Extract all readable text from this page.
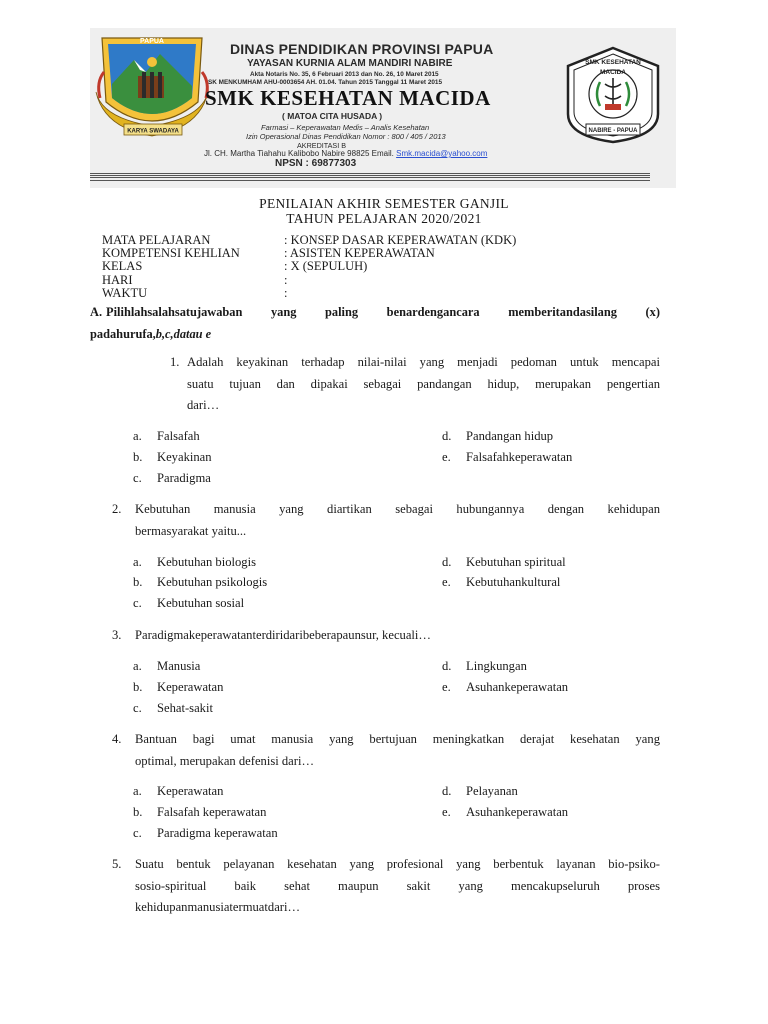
PAPUA
KARYA SWADAYA
DINAS PENDIDIKAN PROVINSI PAPUA
YAYASAN KURNIA ALAM MANDIRI NABIRE
Akta Notaris No. 35, 6 Februari 2013 dan No. 26, 10 Maret 2015
SK MENKUMHAM AHU-0003654 AH. 01.04. Tahun 2015 Tanggal 11 Maret 2015
SMK KESEHATAN MACIDA
( MATOA CITA HUSADA )
Farmasi – Keperawatan Medis – Analis Kesehatan
Izin Operasional Dinas Pendidikan Nomor : 800 / 405 / 2013
AKREDITASI B
Jl. CH. Martha Tiahahu Kalibobo Nabire 98825 Email. Smk.macida@yahoo.com
NPSN : 69877303
SMK KESEHATAN
MACIDA
NABIRE - PAPUA
PENILAIAN AKHIR SEMESTER GANJIL
TAHUN PELAJARAN 2020/2021
MATA PELAJARAN	: KONSEP DASAR KEPERAWATAN (KDK)
KOMPETENSI KEHLIAN	: ASISTEN KEPERAWATAN
KELAS	: X (SEPULUH)
HARI	:
WAKTU	:
A. Pilihlahsalahsatujawaban yang paling benardengancara memberitandasilang (x)
padahurufa,b,c,datau e
1. Adalah keyakinan terhadap nilai-nilai yang menjadi pedoman untuk mencapai
suatu tujuan dan dipakai sebagai pandangan hidup, merupakan pengertian
dari…
a. Falsafah
b. Keyakinan
c. Paradigma
d. Pandangan hidup
e. Falsafahkeperawatan
2. Kebutuhan manusia yang diartikan sebagai hubungannya dengan kehidupan
bermasyarakat yaitu...
a. Kebutuhan biologis
b. Kebutuhan psikologis
c. Kebutuhan sosial
d. Kebutuhan spiritual
e. Kebutuhankultural
3. Paradigmakeperawatanterdiridaribeberapaunsur, kecuali…
a. Manusia
b. Keperawatan
c. Sehat-sakit
d. Lingkungan
e. Asuhankeperawatan
4. Bantuan bagi umat manusia yang bertujuan meningkatkan derajat kesehatan yang
optimal, merupakan defenisi dari…
a. Keperawatan
b. Falsafah keperawatan
c. Paradigma keperawatan
d. Pelayanan
e. Asuhankeperawatan
5. Suatu bentuk pelayanan kesehatan yang profesional yang berbentuk layanan bio-psiko-
sosio-spiritual baik sehat maupun sakit yang mencakupseluruh proses
kehidupanmanusiatermuatdari…
